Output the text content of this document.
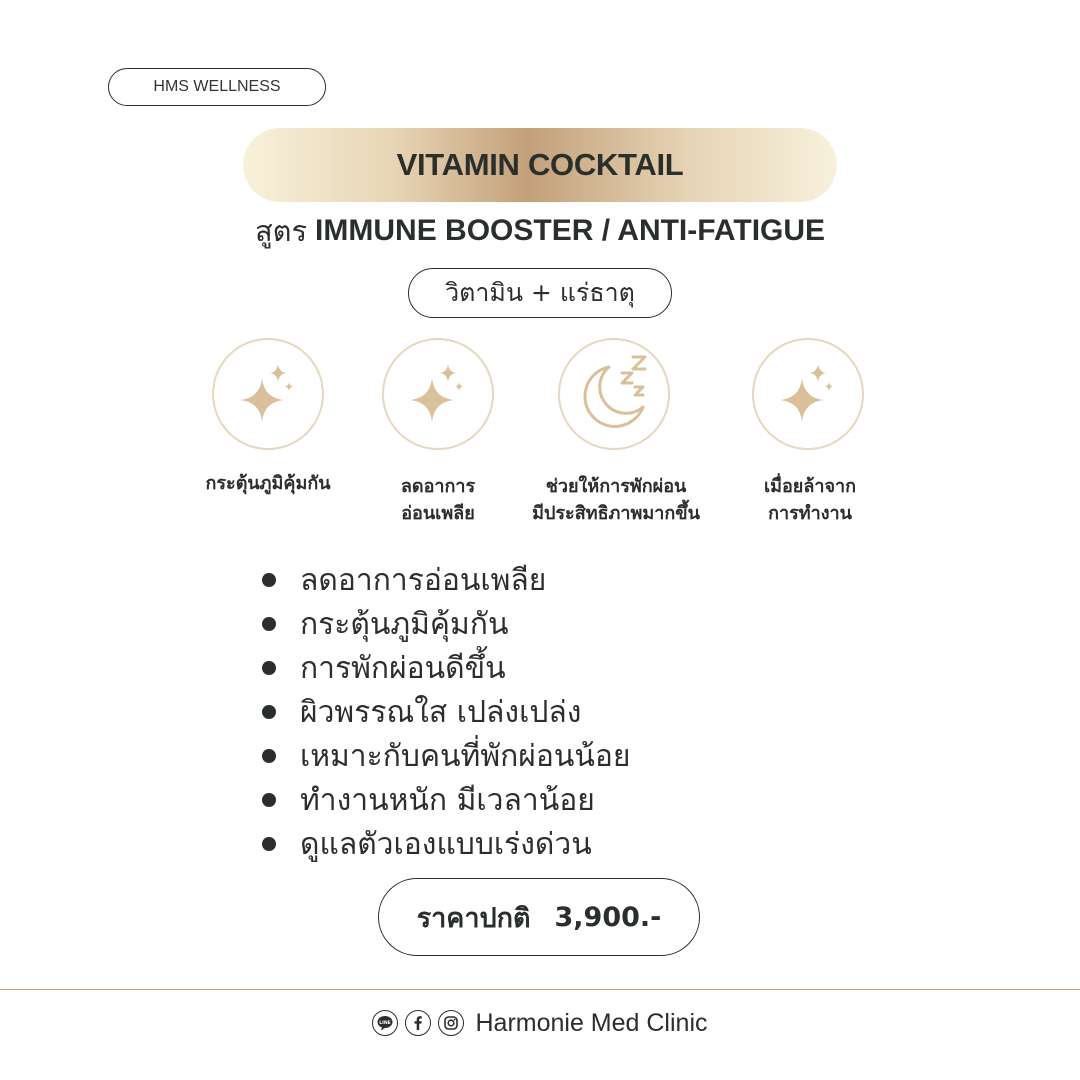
HMS WELLNESS
VITAMIN COCKTAIL
สูตร IMMUNE BOOSTER / ANTI-FATIGUE
วิตามิน + แร่ธาตุ
กระตุ้นภูมิคุ้มกัน	ลดอาการ
อ่อนเพลีย
ช่วยให้การพักผ่อน
มีประสิทธิภาพมากขึ้น
เมื่อยล้าจาก
การทำงาน
ลดอาการอ่อนเพลีย
กระตุ้นภูมิคุ้มกัน
การพักผ่อนดีขึ้น
ผิวพรรณใส เปล่งเปล่ง
เหมาะกับคนที่พักผ่อนน้อย
ทำงานหนัก มีเวลาน้อย
ดูแลตัวเองแบบเร่งด่วน
ราคาปกติ 3,900.-
LINE	Harmonie Med Clinic
